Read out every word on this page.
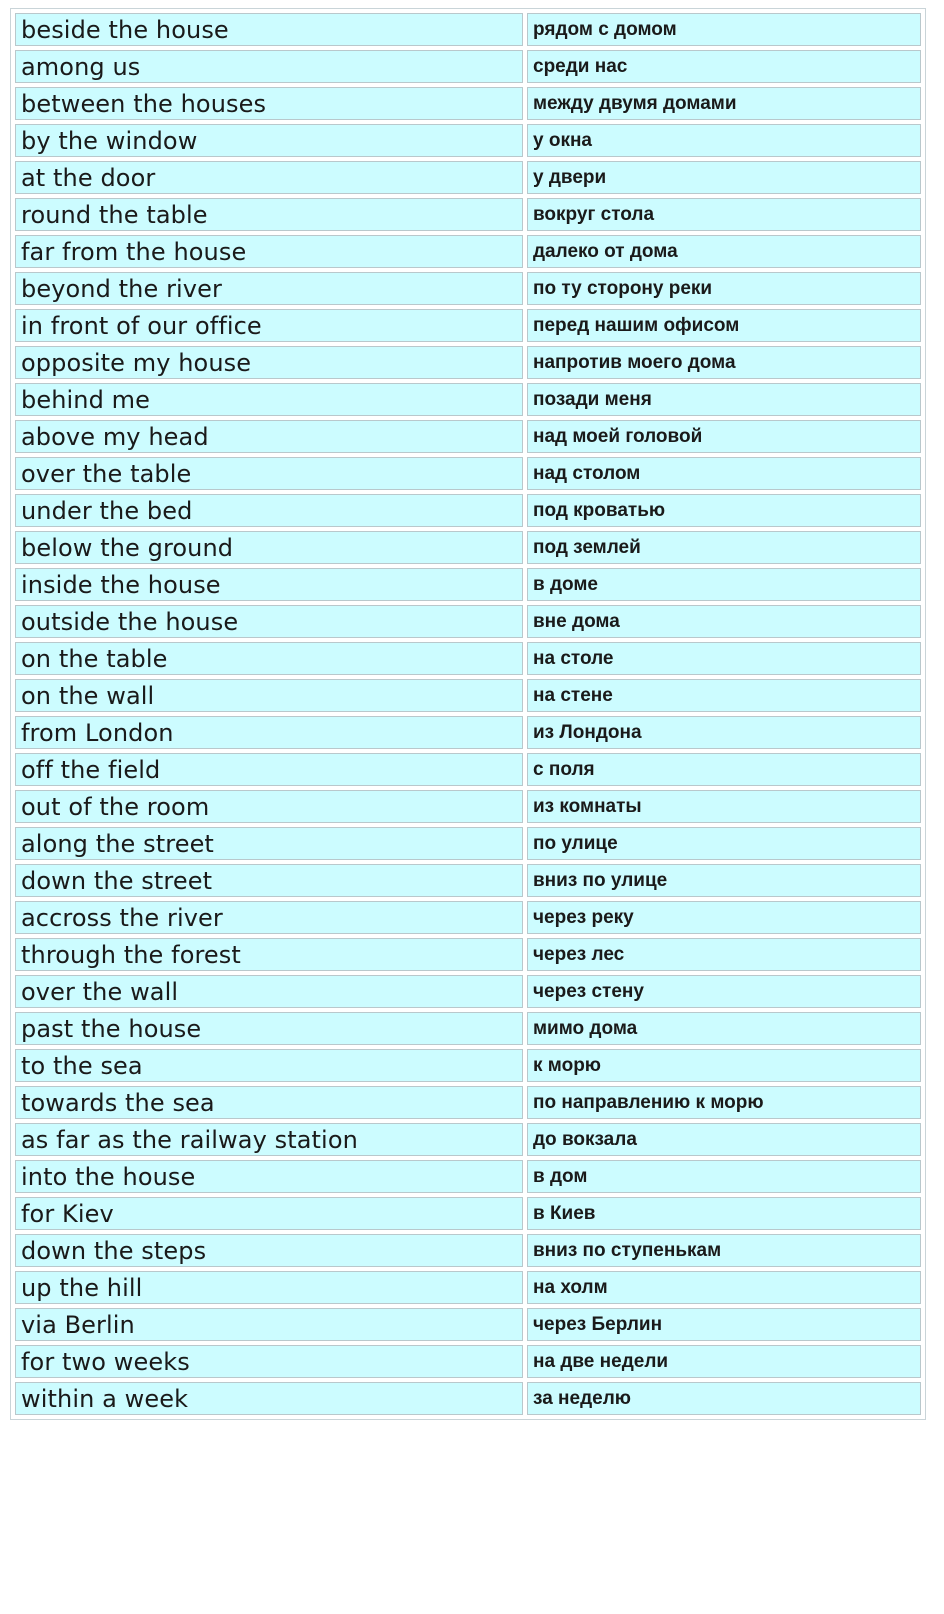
beside the house	рядом с домом
among us	среди нас
between the houses	между двумя домами
by the window	у окна
at the door	у двери
round the table	вокруг стола
far from the house	далеко от дома
beyond the river	по ту сторону реки
in front of our office	перед нашим офисом
opposite my house	напротив моего дома
behind me	позади меня
above my head	над моей головой
over the table	над столом
under the bed	под кроватью
below the ground	под землей
inside the house	в доме
outside the house	вне дома
on the table	на столе
on the wall	на стене
from London	из Лондона
off the field	с поля
out of the room	из комнаты
along the street	по улице
down the street	вниз по улице
accross the river	через реку
through the forest	через лес
over the wall	через стену
past the house	мимо дома
to the sea	к морю
towards the sea	по направлению к морю
as far as the railway station	до вокзала
into the house	в дом
for Kiev	в Киев
down the steps	вниз по ступенькам
up the hill	на холм
via Berlin	через Берлин
for two weeks	на две недели
within a week	за неделю
